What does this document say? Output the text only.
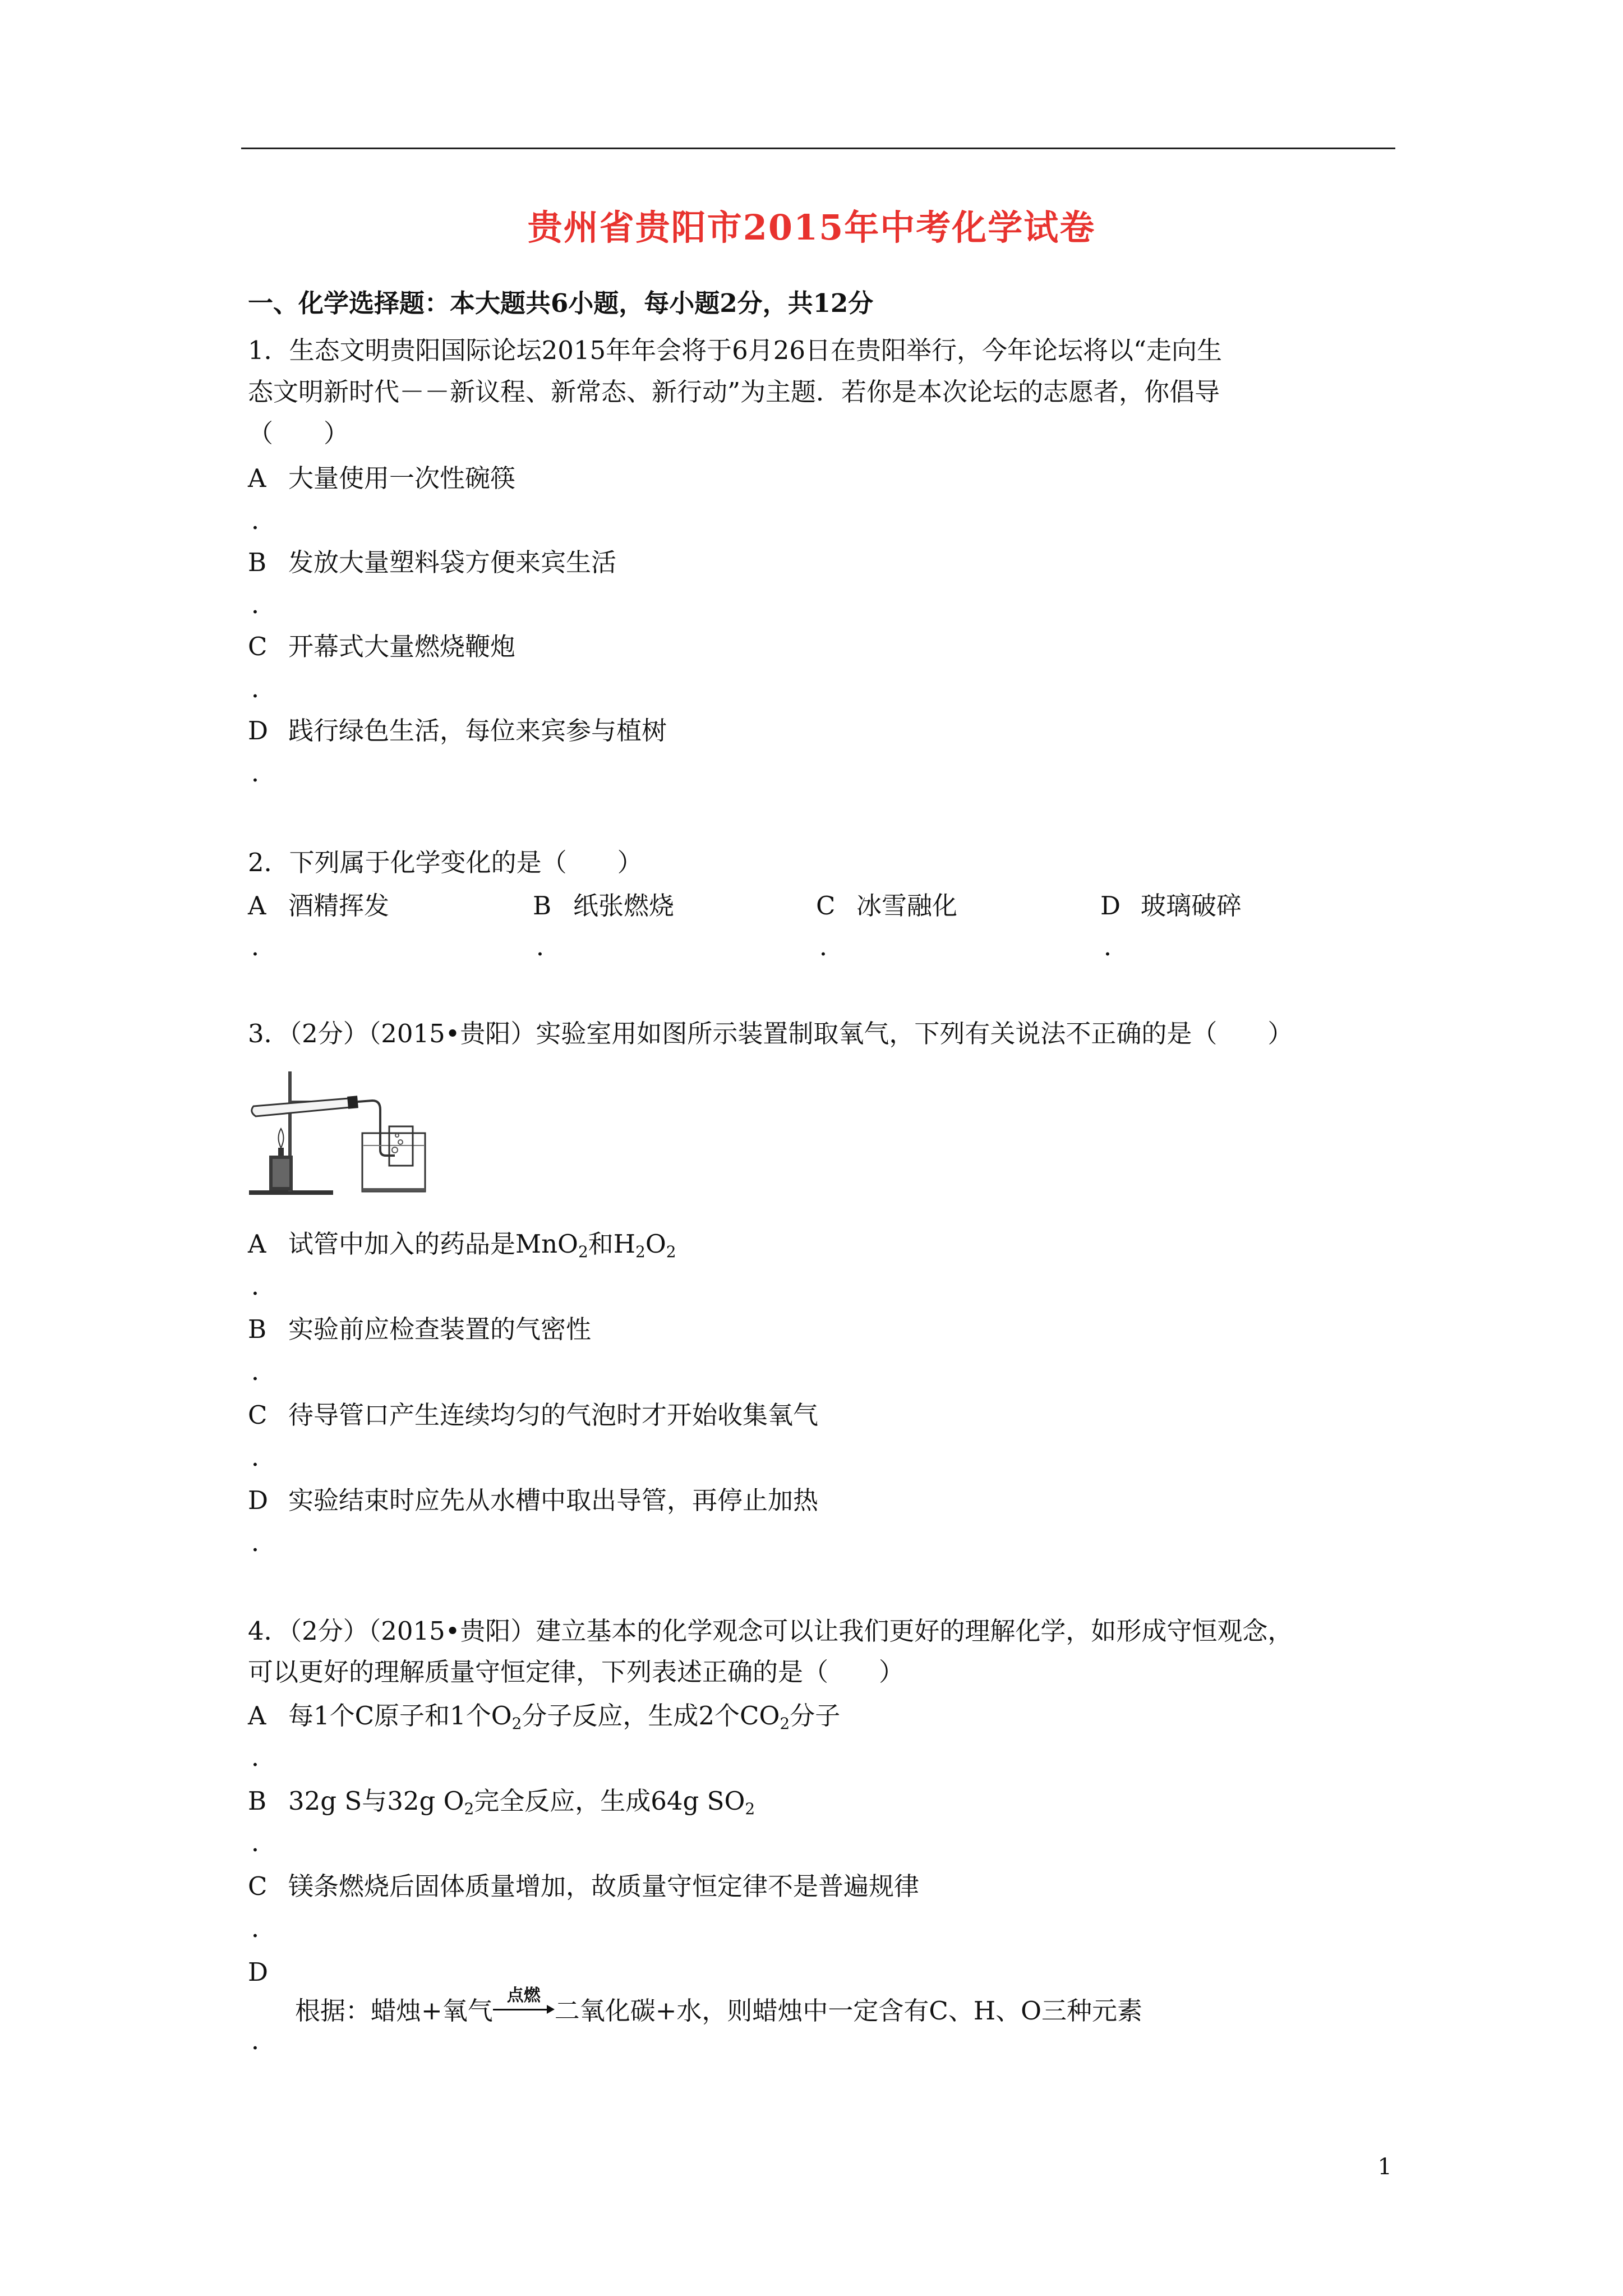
贵州省贵阳市2015年中考化学试卷
一、化学选择题：本大题共6小题，每小题2分，共12分
1．生态文明贵阳国际论坛2015年年会将于6月26日在贵阳举行，今年论坛将以“走向生
态文明新时代－－新议程、新常态、新行动”为主题．若你是本次论坛的志愿者，你倡导
（　　）
A 大量使用一次性碗筷
．
B 发放大量塑料袋方便来宾生活
．
C 开幕式大量燃烧鞭炮
．
D 践行绿色生活，每位来宾参与植树
．
2．下列属于化学变化的是（　　）
A 酒精挥发
．
B 纸张燃烧
．
C 冰雪融化
．
D 玻璃破碎
．
3．（2分）（2015•贵阳）实验室用如图所示装置制取氧气，下列有关说法不正确的是（　　）
A 试管中加入的药品是MnO$_2$和$H_2O_2$
．
B 实验前应检查装置的气密性
．
C 待导管口产生连续均匀的气泡时才开始收集氧气
．
D 实验结束时应先从水槽中取出导管，再停止加热
．
4．（2分）（2015•贵阳）建立基本的化学观念可以让我们更好的理解化学，如形成守恒观念，
可以更好的理解质量守恒定律，下列表述正确的是（　　）
A 每1个C原子和1个$O_2$分子反应，生成2个$CO_2$分子
．
B 32g S与32g $O_2$完全反应，生成64g $SO_2$
．
C 镁条燃烧后固体质量增加，故质量守恒定律不是普遍规律
．
D
根据：蜡烛+氧气
点燃
二氧化碳+水，则蜡烛中一定含有C、H、O三种元素
．
1
